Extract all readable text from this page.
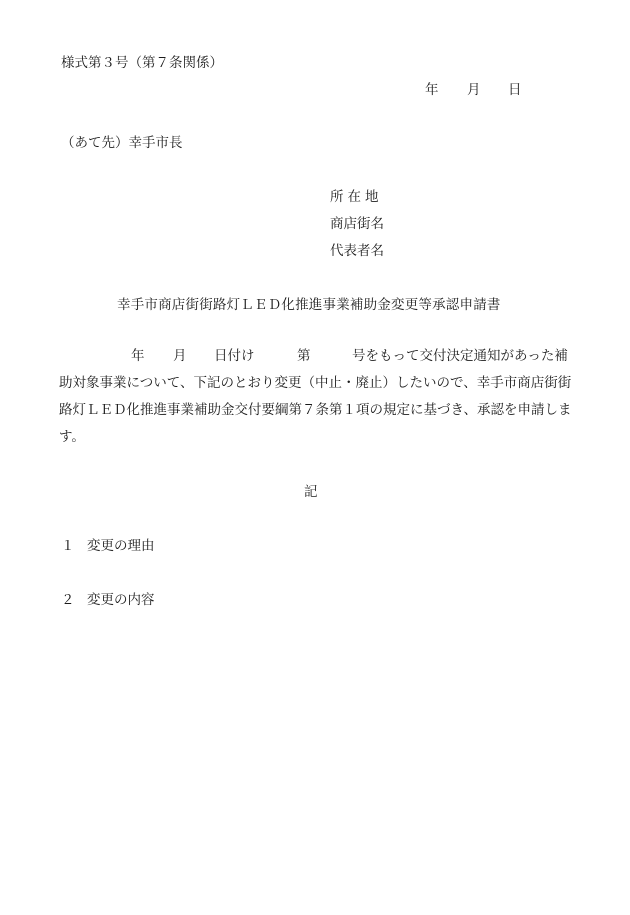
様式第３号（第７条関係）
年 月 日
（あて先）幸手市長
所在地
商店街名
代表者名
幸手市商店街街路灯ＬＥＤ化推進事業補助金変更等承認申請書
年 月 日付け	第	号をもって交付決定通知があった補
助対象事業について、下記のとおり変更（中止・廃止）したいので、幸手市商店街街
路灯ＬＥＤ化推進事業補助金交付要綱第７条第１項の規定に基づき、承認を申請しま
す。
記
１ 変更の理由
２ 変更の内容
